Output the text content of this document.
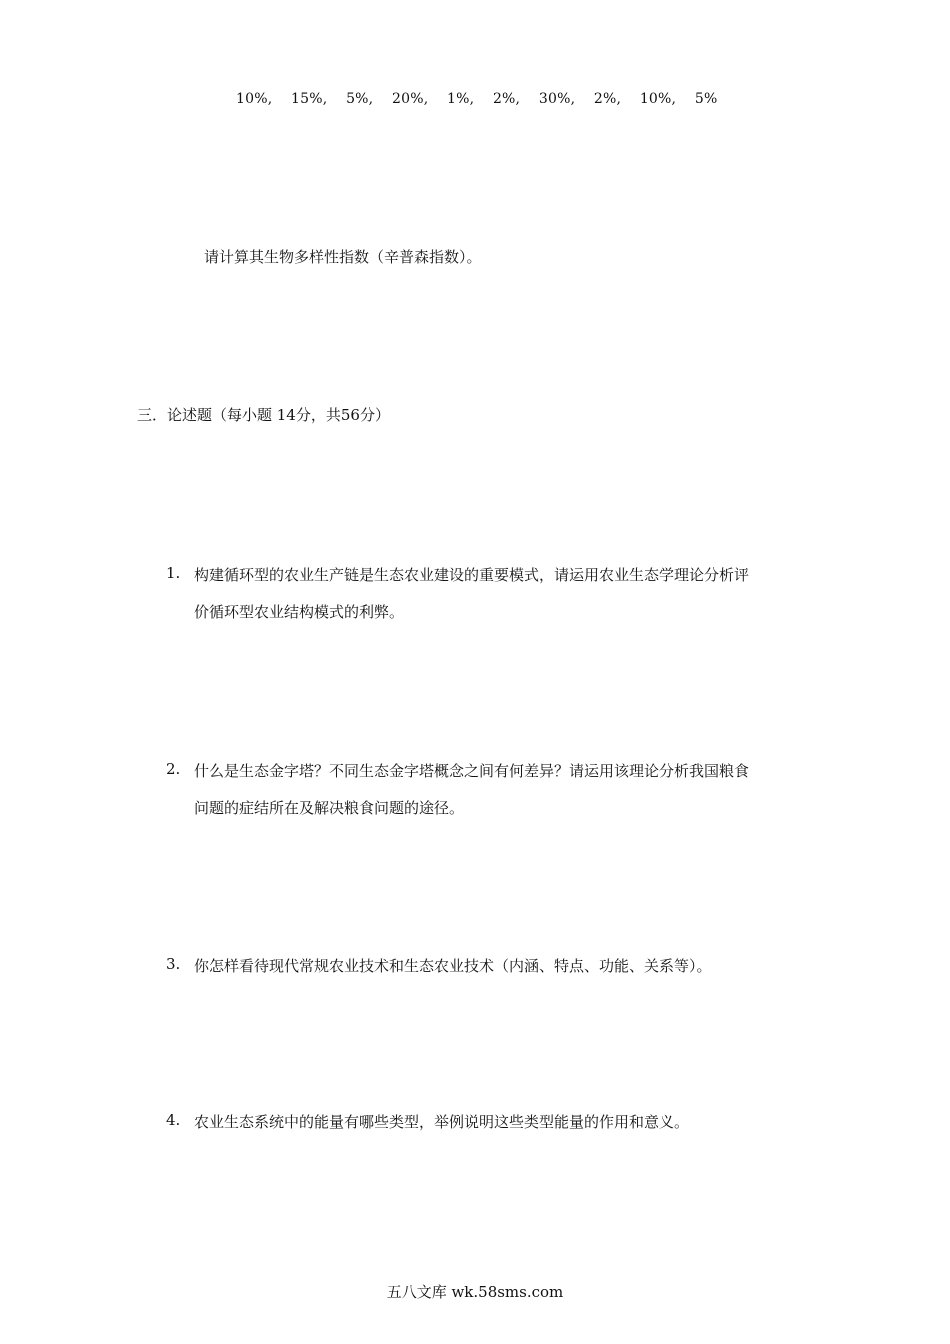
10%, 15%, 5%, 20%, 1%, 2%, 30%, 2%, 10%, 5%
请计算其生物多样性指数（辛普森指数）。
三．论述题（每小题 14分，共56分）
1. 构建循环型的农业生产链是生态农业建设的重要模式，请运用农业生态学理论分析评
价循环型农业结构模式的利弊。
2. 什么是生态金字塔？不同生态金字塔概念之间有何差异？请运用该理论分析我国粮食
问题的症结所在及解决粮食问题的途径。
3. 你怎样看待现代常规农业技术和生态农业技术（内涵、特点、功能、关系等）。
4. 农业生态系统中的能量有哪些类型，举例说明这些类型能量的作用和意义。
五八文库 wk.58sms.com
